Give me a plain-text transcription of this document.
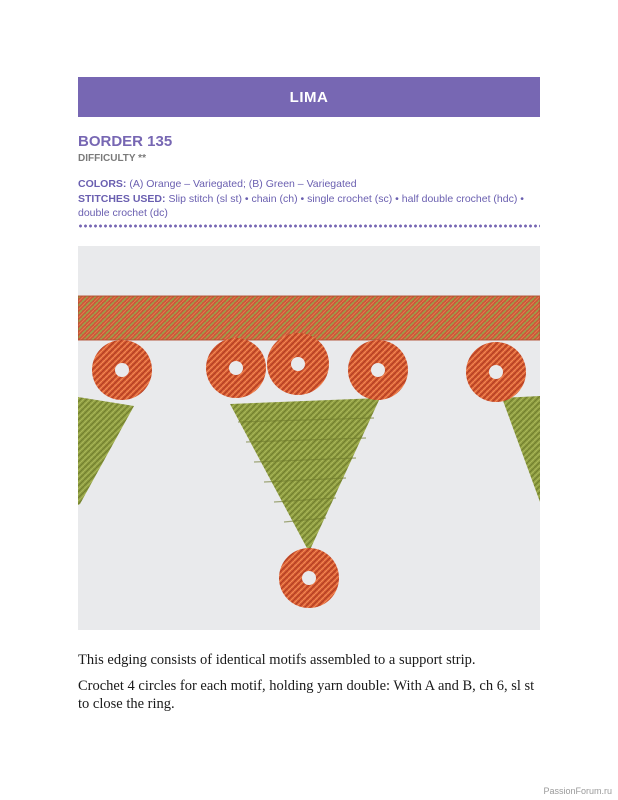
LIMA
BORDER 135
DIFFICULTY **
COLORS: (A) Orange – Variegated; (B) Green – Variegated
STITCHES USED: Slip stitch (sl st) • chain (ch) • single crochet (sc) • half double crochet (hdc) • double crochet (dc)

This edging consists of identical motifs assembled to a support strip.

Crochet 4 circles for each motif, holding yarn double: With A and B, ch 6, sl st to close the ring.

PassionForum.ru
